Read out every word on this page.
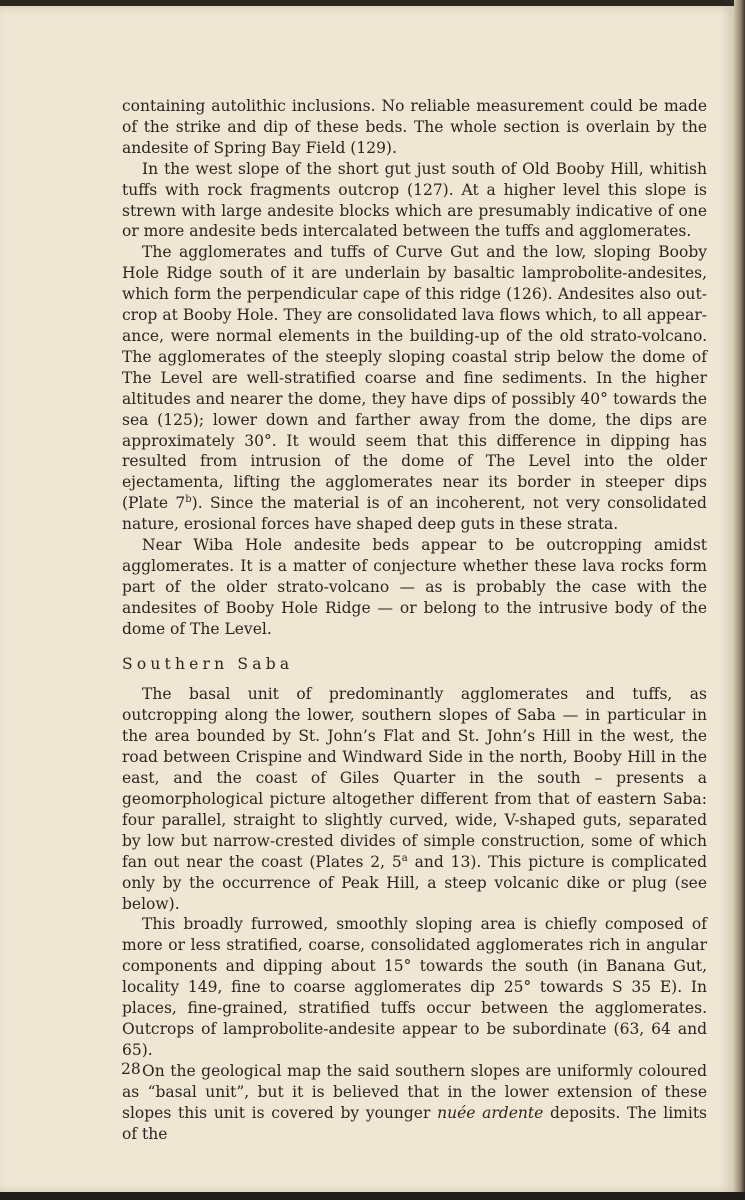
containing autolithic inclusions. No reliable measurement could be made of the strike and dip of these beds. The whole section is overlain by the andesite of Spring Bay Field (129).

In the west slope of the short gut just south of Old Booby Hill, whitish tuffs with rock fragments outcrop (127). At a higher level this slope is strewn with large andesite blocks which are presumably indicative of one or more andesite beds intercalated between the tuffs and agglomerates.

The agglomerates and tuffs of Curve Gut and the low, sloping Booby Hole Ridge south of it are underlain by basaltic lamprobolite-andesites, which form the perpendicular cape of this ridge (126). Andesites also outcrop at Booby Hole. They are consolidated lava flows which, to all appearance, were normal elements in the building-up of the old strato-volcano. The agglomerates of the steeply sloping coastal strip below the dome of The Level are well-stratified coarse and fine sediments. In the higher altitudes and nearer the dome, they have dips of possibly 40° towards the sea (125); lower down and farther away from the dome, the dips are approximately 30°. It would seem that this difference in dipping has resulted from intrusion of the dome of The Level into the older ejectamenta, lifting the agglomerates near its border in steeper dips (Plate 7$^b$). Since the material is of an incoherent, not very consolidated nature, erosional forces have shaped deep guts in these strata.

Near Wiba Hole andesite beds appear to be outcropping amidst agglomerates. It is a matter of conjecture whether these lava rocks form part of the older strato-volcano — as is probably the case with the andesites of Booby Hole Ridge — or belong to the intrusive body of the dome of The Level.

Southern Saba

The basal unit of predominantly agglomerates and tuffs, as outcropping along the lower, southern slopes of Saba — in particular in the area bounded by St. John’s Flat and St. John’s Hill in the west, the road between Crispine and Windward Side in the north, Booby Hill in the east, and the coast of Giles Quarter in the south – presents a geomorphological picture altogether different from that of eastern Saba: four parallel, straight to slightly curved, wide, V-shaped guts, separated by low but narrow-crested divides of simple construction, some of which fan out near the coast (Plates 2, 5$^a$ and 13). This picture is complicated only by the occurrence of Peak Hill, a steep volcanic dike or plug (see below).

This broadly furrowed, smoothly sloping area is chiefly composed of more or less stratified, coarse, consolidated agglomerates rich in angular components and dipping about 15° towards the south (in Banana Gut, locality 149, fine to coarse agglomerates dip 25° towards S 35 E). In places, fine-grained, stratified tuffs occur between the agglomerates. Outcrops of lamprobolite-andesite appear to be subordinate (63, 64 and 65).

On the geological map the said southern slopes are uniformly coloured as “basal unit”, but it is believed that in the lower extension of these slopes this unit is covered by younger nuée ardente deposits. The limits of the

28
